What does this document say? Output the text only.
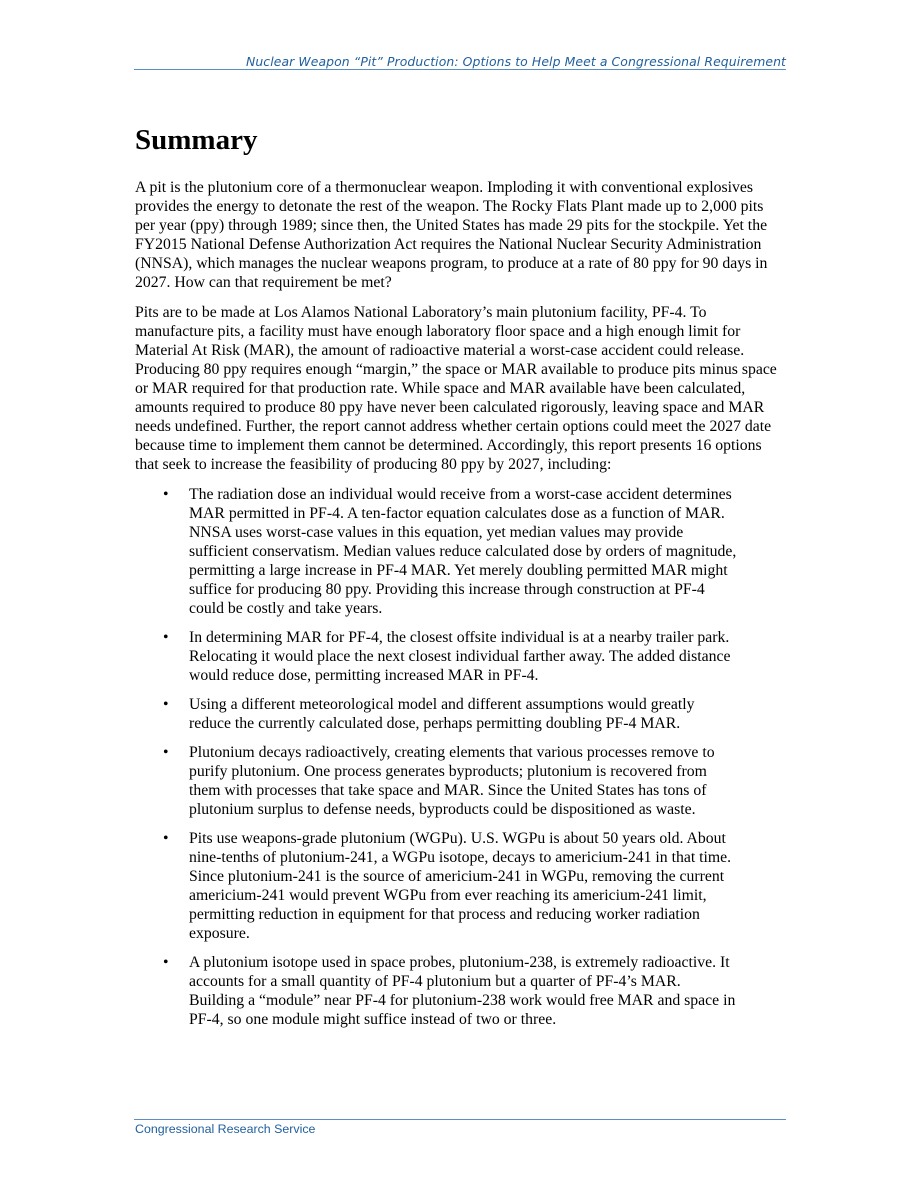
Nuclear Weapon “Pit” Production: Options to Help Meet a Congressional Requirement
Summary

A pit is the plutonium core of a thermonuclear weapon. Imploding it with conventional explosives provides the energy to detonate the rest of the weapon. The Rocky Flats Plant made up to 2,000 pits per year (ppy) through 1989; since then, the United States has made 29 pits for the stockpile. Yet the FY2015 National Defense Authorization Act requires the National Nuclear Security Administration (NNSA), which manages the nuclear weapons program, to produce at a rate of 80 ppy for 90 days in 2027. How can that requirement be met?

Pits are to be made at Los Alamos National Laboratory’s main plutonium facility, PF-4. To manufacture pits, a facility must have enough laboratory floor space and a high enough limit for Material At Risk (MAR), the amount of radioactive material a worst-case accident could release. Producing 80 ppy requires enough “margin,” the space or MAR available to produce pits minus space or MAR required for that production rate. While space and MAR available have been calculated, amounts required to produce 80 ppy have never been calculated rigorously, leaving space and MAR needs undefined. Further, the report cannot address whether certain options could meet the 2027 date because time to implement them cannot be determined. Accordingly, this report presents 16 options that seek to increase the feasibility of producing 80 ppy by 2027, including:

• The radiation dose an individual would receive from a worst-case accident determines MAR permitted in PF-4. A ten-factor equation calculates dose as a function of MAR. NNSA uses worst-case values in this equation, yet median values may provide sufficient conservatism. Median values reduce calculated dose by orders of magnitude, permitting a large increase in PF-4 MAR. Yet merely doubling permitted MAR might suffice for producing 80 ppy. Providing this increase through construction at PF-4 could be costly and take years.
• In determining MAR for PF-4, the closest offsite individual is at a nearby trailer park. Relocating it would place the next closest individual farther away. The added distance would reduce dose, permitting increased MAR in PF-4.
• Using a different meteorological model and different assumptions would greatly reduce the currently calculated dose, perhaps permitting doubling PF-4 MAR.
• Plutonium decays radioactively, creating elements that various processes remove to purify plutonium. One process generates byproducts; plutonium is recovered from them with processes that take space and MAR. Since the United States has tons of plutonium surplus to defense needs, byproducts could be dispositioned as waste.
• Pits use weapons-grade plutonium (WGPu). U.S. WGPu is about 50 years old. About nine-tenths of plutonium-241, a WGPu isotope, decays to americium-241 in that time. Since plutonium-241 is the source of americium-241 in WGPu, removing the current americium-241 would prevent WGPu from ever reaching its americium-241 limit, permitting reduction in equipment for that process and reducing worker radiation exposure.
• A plutonium isotope used in space probes, plutonium-238, is extremely radioactive. It accounts for a small quantity of PF-4 plutonium but a quarter of PF-4’s MAR. Building a “module” near PF-4 for plutonium-238 work would free MAR and space in PF-4, so one module might suffice instead of two or three.
Congressional Research Service
